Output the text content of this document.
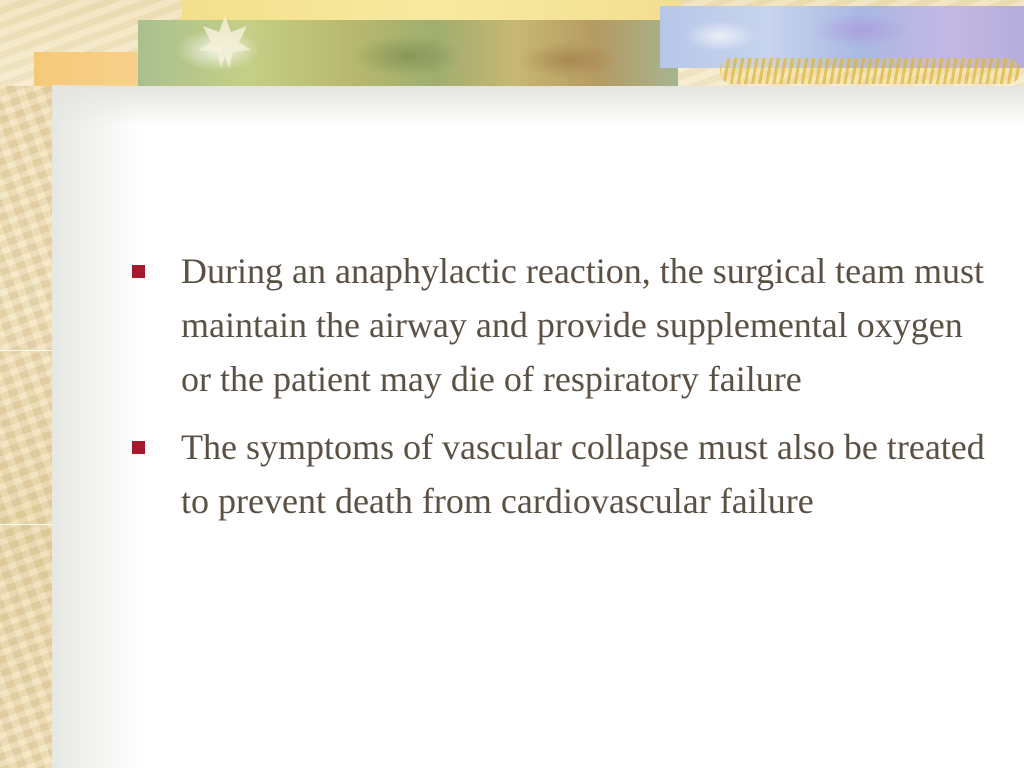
During an anaphylactic reaction, the surgical team must maintain the airway and provide supplemental oxygen or the patient may die of respiratory failure
The symptoms of vascular collapse must also be treated to prevent death from cardiovascular failure
